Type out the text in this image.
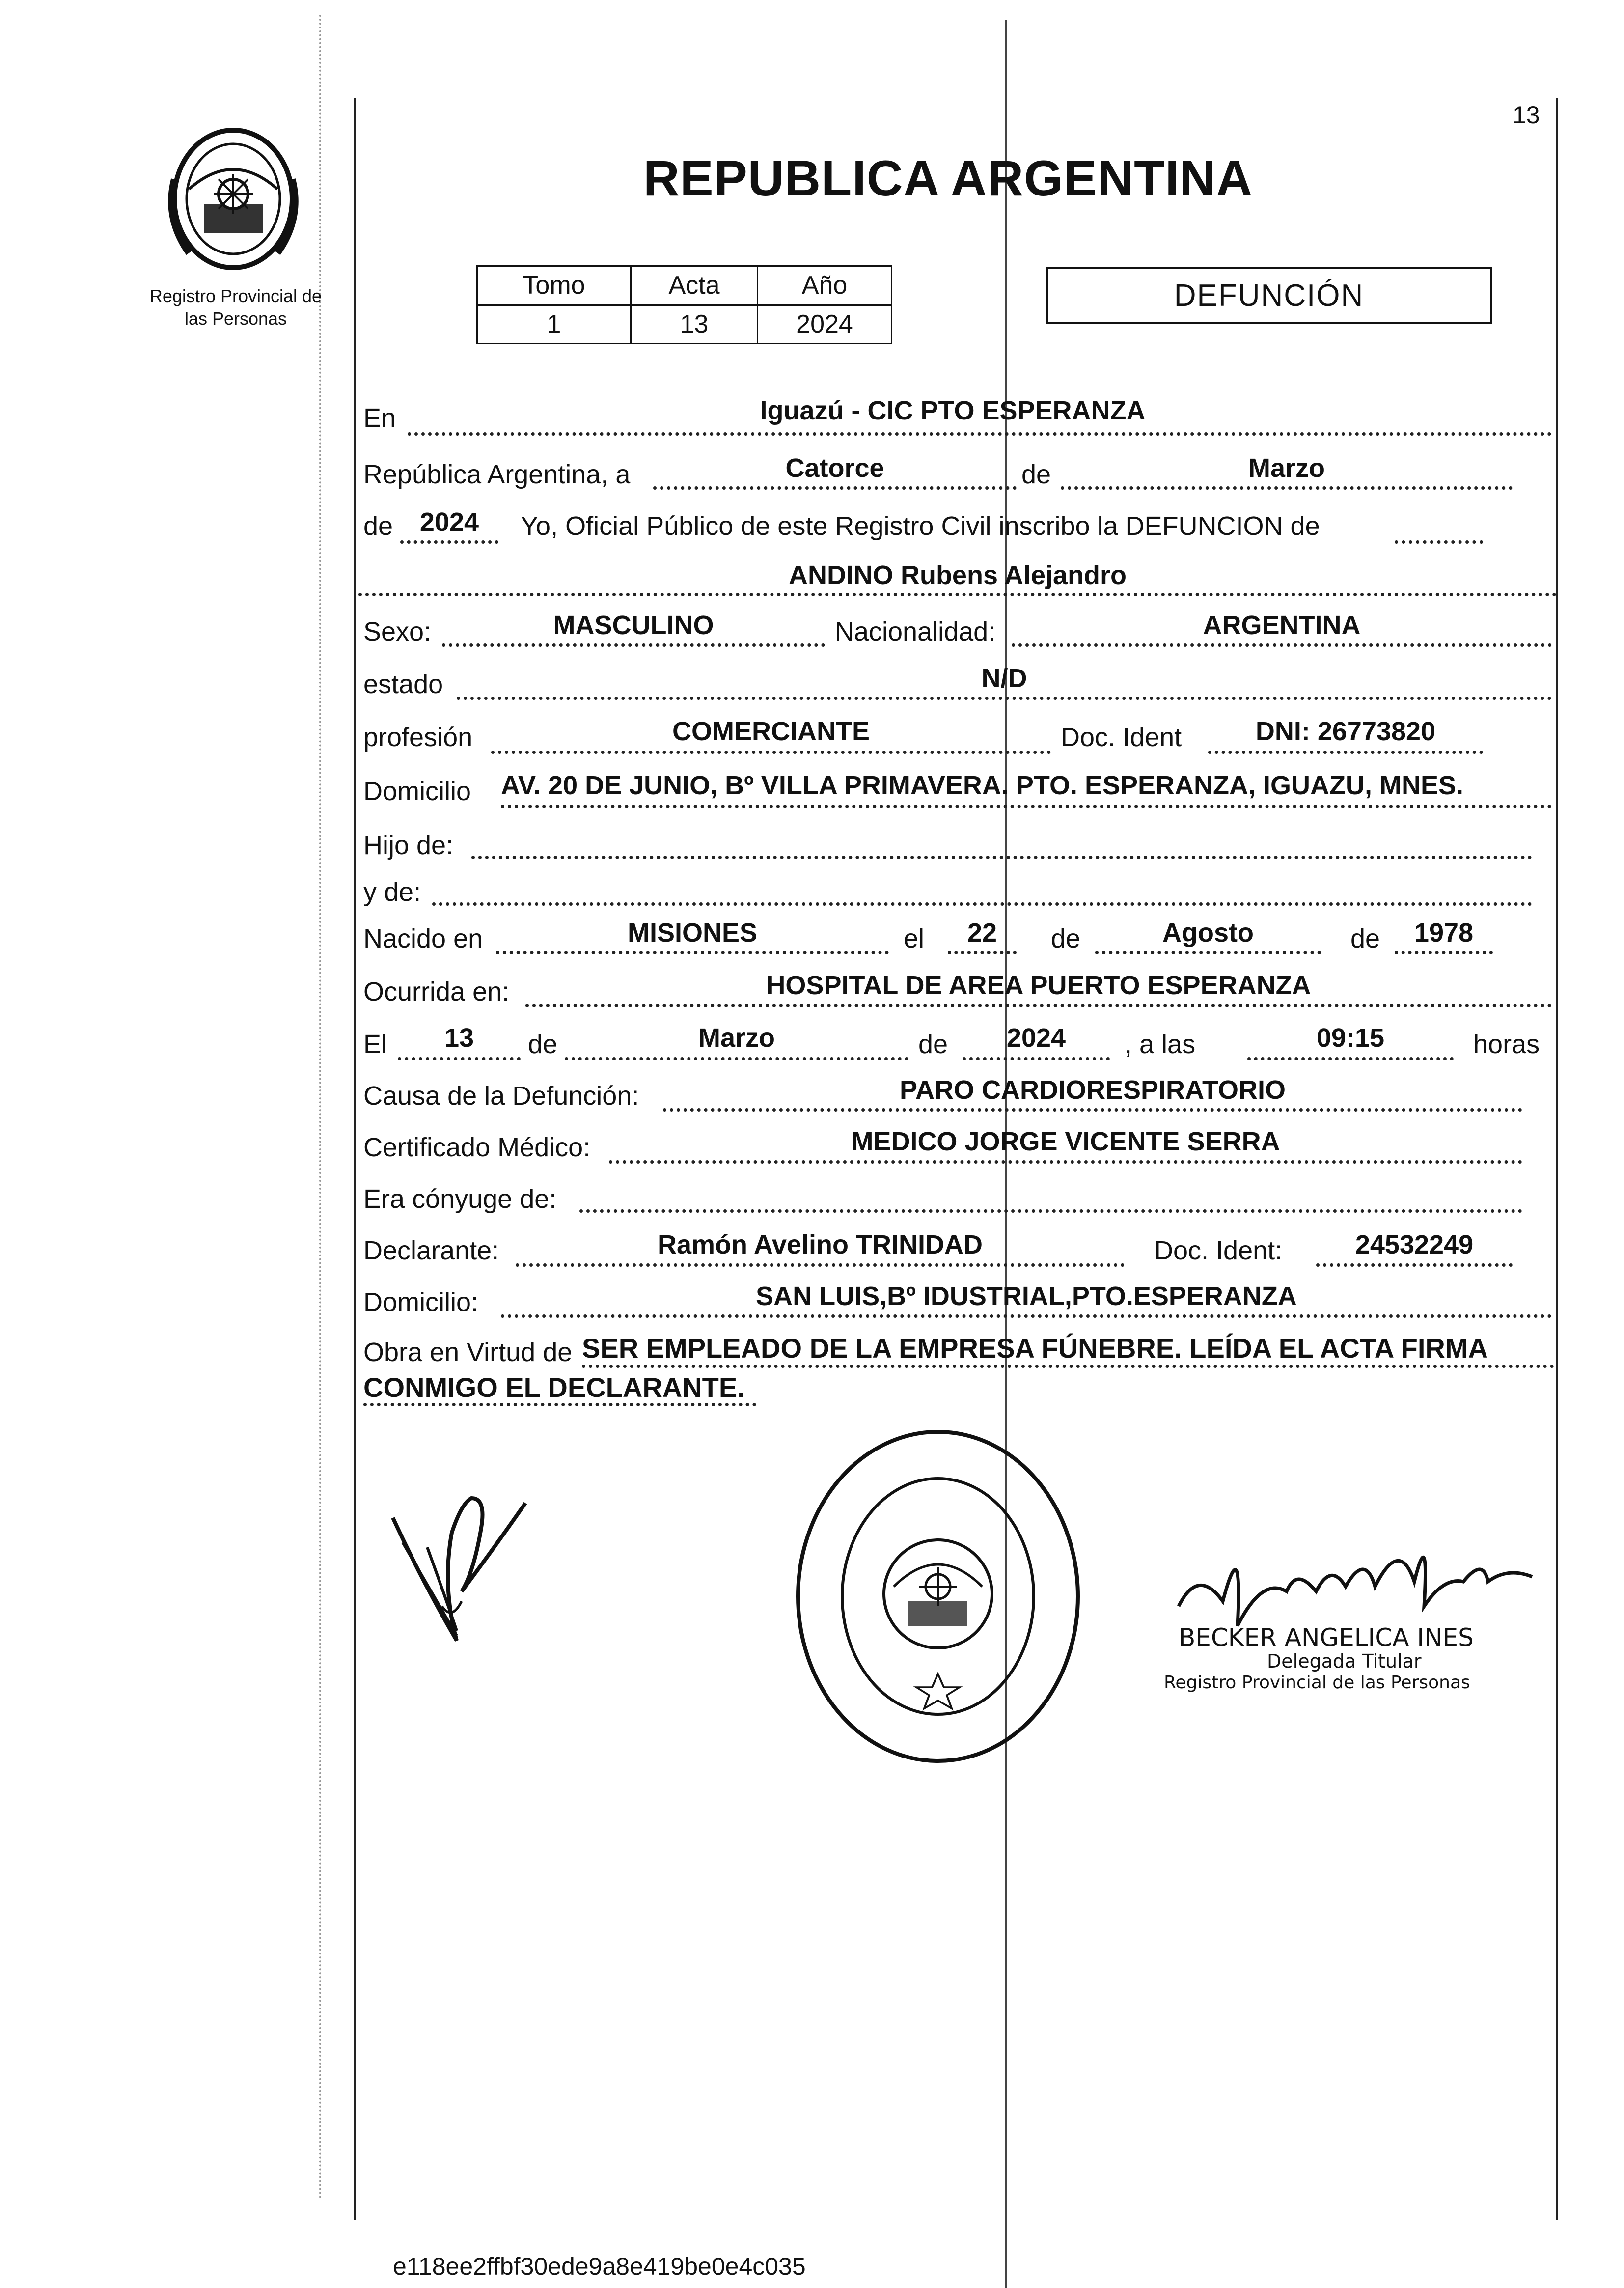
13
Registro Provincial de
las Personas
REPUBLICA ARGENTINA
Tomo	Acta	Año
1	13	2024
DEFUNCIÓN
En	Iguazú - CIC PTO ESPERANZA
República Argentina, a	Catorce	de	Marzo
de	2024	Yo, Oficial Público de este Registro Civil inscribo la DEFUNCION de
ANDINO Rubens Alejandro
Sexo:	MASCULINO	Nacionalidad:	ARGENTINA
estado	N/D
profesión	COMERCIANTE	Doc. Ident	DNI: 26773820
Domicilio AV. 20 DE JUNIO, Bº VILLA PRIMAVERA. PTO. ESPERANZA, IGUAZU, MNES.
Hijo de:
y de:
Nacido en	MISIONES	el	22	de	Agosto	de	1978
Ocurrida en:	HOSPITAL DE AREA PUERTO ESPERANZA
El	13	de	Marzo	de	2024	, a las	09:15	horas
Causa de la Defunción:	PARO CARDIORESPIRATORIO
Certificado Médico:	MEDICO JORGE VICENTE SERRA
Era cónyuge de:
Declarante:	Ramón Avelino TRINIDAD	Doc. Ident:	24532249
Domicilio:	SAN LUIS,Bº IDUSTRIAL,PTO.ESPERANZA
Obra en Virtud de SER EMPLEADO DE LA EMPRESA FÚNEBRE. LEÍDA EL ACTA FIRMA
CONMIGO EL DECLARANTE.
BECKER ANGELICA INES
Delegada Titular
Registro Provincial de las Personas
e118ee2ffbf30ede9a8e419be0e4c035
